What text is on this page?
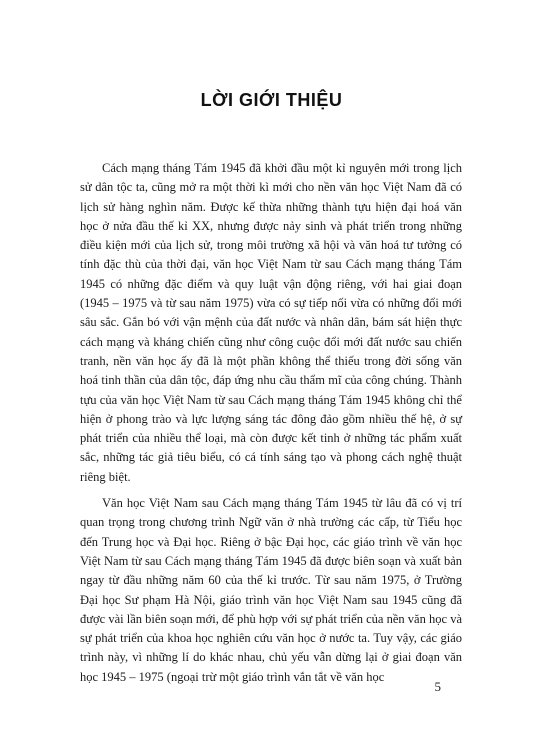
LỜI GIỚI THIỆU

Cách mạng tháng Tám 1945 đã khởi đầu một kỉ nguyên mới trong lịch sử dân tộc ta, cũng mở ra một thời kì mới cho nền văn học Việt Nam đã có lịch sử hàng nghìn năm. Được kế thừa những thành tựu hiện đại hoá văn học ở nửa đầu thế kỉ XX, nhưng được nảy sinh và phát triển trong những điều kiện mới của lịch sử, trong môi trường xã hội và văn hoá tư tưởng có tính đặc thù của thời đại, văn học Việt Nam từ sau Cách mạng tháng Tám 1945 có những đặc điểm và quy luật vận động riêng, với hai giai đoạn (1945 – 1975 và từ sau năm 1975) vừa có sự tiếp nối vừa có những đổi mới sâu sắc. Gắn bó với vận mệnh của đất nước và nhân dân, bám sát hiện thực cách mạng và kháng chiến cũng như công cuộc đổi mới đất nước sau chiến tranh, nền văn học ấy đã là một phần không thể thiếu trong đời sống văn hoá tinh thần của dân tộc, đáp ứng nhu cầu thẩm mĩ của công chúng. Thành tựu của văn học Việt Nam từ sau Cách mạng tháng Tám 1945 không chỉ thể hiện ở phong trào và lực lượng sáng tác đông đảo gồm nhiều thế hệ, ở sự phát triển của nhiều thể loại, mà còn được kết tinh ở những tác phẩm xuất sắc, những tác giả tiêu biểu, có cá tính sáng tạo và phong cách nghệ thuật riêng biệt.

Văn học Việt Nam sau Cách mạng tháng Tám 1945 từ lâu đã có vị trí quan trọng trong chương trình Ngữ văn ở nhà trường các cấp, từ Tiểu học đến Trung học và Đại học. Riêng ở bậc Đại học, các giáo trình về văn học Việt Nam từ sau Cách mạng tháng Tám 1945 đã được biên soạn và xuất bản ngay từ đầu những năm 60 của thế kỉ trước. Từ sau năm 1975, ở Trường Đại học Sư phạm Hà Nội, giáo trình văn học Việt Nam sau 1945 cũng đã được vài lần biên soạn mới, để phù hợp với sự phát triển của nền văn học và sự phát triển của khoa học nghiên cứu văn học ở nước ta. Tuy vậy, các giáo trình này, vì những lí do khác nhau, chủ yếu vẫn dừng lại ở giai đoạn văn học 1945 – 1975 (ngoại trừ một giáo trình vắn tắt về văn học

5
